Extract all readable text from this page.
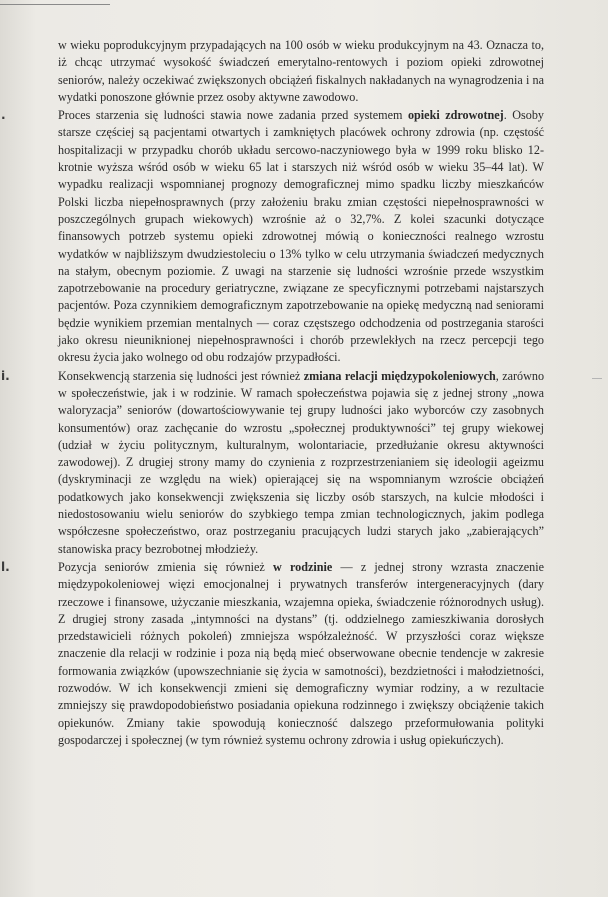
w wieku poprodukcyjnym przypadających na 100 osób w wieku produkcyjnym na 43. Oznacza to, iż chcąc utrzymać wysokość świadczeń emerytalno-rentowych i poziom opieki zdrowotnej seniorów, należy oczekiwać zwiększonych obciążeń fiskalnych nakładanych na wynagrodzenia i na wydatki ponoszone głównie przez osoby aktywne zawodowo.

.	Proces starzenia się ludności stawia nowe zadania przed systemem opieki zdrowotnej. Osoby starsze częściej są pacjentami otwartych i zamkniętych placówek ochrony zdrowia (np. częstość hospitalizacji w przypadku chorób układu sercowo-naczyniowego była w 1999 roku blisko 12-krotnie wyższa wśród osób w wieku 65 lat i starszych niż wśród osób w wieku 35–44 lat). W wypadku realizacji wspomnianej prognozy demograficznej mimo spadku liczby mieszkańców Polski liczba niepełnosprawnych (przy założeniu braku zmian częstości niepełnosprawności w poszczególnych grupach wiekowych) wzrośnie aż o 32,7%. Z kolei szacunki dotyczące finansowych potrzeb systemu opieki zdrowotnej mówią o konieczności realnego wzrostu wydatków w najbliższym dwudziestoleciu o 13% tylko w celu utrzymania świadczeń medycznych na stałym, obecnym poziomie. Z uwagi na starzenie się ludności wzrośnie przede wszystkim zapotrzebowanie na procedury geriatryczne, związane ze specyficznymi potrzebami najstarszych pacjentów. Poza czynnikiem demograficznym zapotrzebowanie na opiekę medyczną nad seniorami będzie wynikiem przemian mentalnych — coraz częstszego odchodzenia od postrzegania starości jako okresu nieuniknionej niepełnosprawności i chorób przewlekłych na rzecz percepcji tego okresu życia jako wolnego od obu rodzajów przypadłości.

i.	Konsekwencją starzenia się ludności jest również zmiana relacji międzypokoleniowych, zarówno w społeczeństwie, jak i w rodzinie. W ramach społeczeństwa pojawia się z jednej strony „nowa waloryzacja” seniorów (dowartościowywanie tej grupy ludności jako wyborców czy zasobnych konsumentów) oraz zachęcanie do wzrostu „społecznej produktywności” tej grupy wiekowej (udział w życiu politycznym, kulturalnym, wolontariacie, przedłużanie okresu aktywności zawodowej). Z drugiej strony mamy do czynienia z rozprzestrzenianiem się ideologii ageizmu (dyskryminacji ze względu na wiek) opierającej się na wspomnianym wzroście obciążeń podatkowych jako konsekwencji zwiększenia się liczby osób starszych, na kulcie młodości i niedostosowaniu wielu seniorów do szybkiego tempa zmian technologicznych, jakim podlega współczesne społeczeństwo, oraz postrzeganiu pracujących ludzi starych jako „zabierających” stanowiska pracy bezrobotnej młodzieży.

l.	Pozycja seniorów zmienia się również w rodzinie — z jednej strony wzrasta znaczenie międzypokoleniowej więzi emocjonalnej i prywatnych transferów intergeneracyjnych (dary rzeczowe i finansowe, użyczanie mieszkania, wzajemna opieka, świadczenie różnorodnych usług). Z drugiej strony zasada „intymności na dystans” (tj. oddzielnego zamieszkiwania dorosłych przedstawicieli różnych pokoleń) zmniejsza współzależność. W przyszłości coraz większe znaczenie dla relacji w rodzinie i poza nią będą mieć obserwowane obecnie tendencje w zakresie formowania związków (upowszechnianie się życia w samotności), bezdzietności i małodzietności, rozwodów. W ich konsekwencji zmieni się demograficzny wymiar rodziny, a w rezultacie zmniejszy się prawdopodobieństwo posiadania opiekuna rodzinnego i zwiększy obciążenie takich opiekunów. Zmiany takie spowodują konieczność dalszego przeformułowania polityki gospodarczej i społecznej (w tym również systemu ochrony zdrowia i usług opiekuńczych).
